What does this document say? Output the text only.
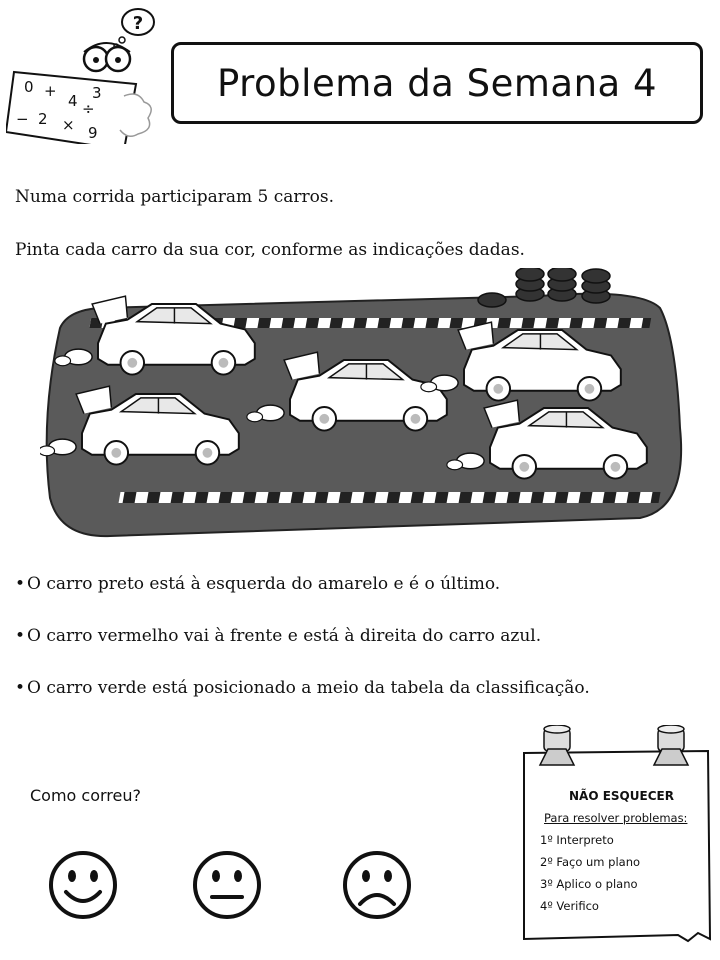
?
0 +
4 3
÷
− 2 × 9
Problema da Semana 4
Numa corrida participaram 5 carros.
Pinta cada carro da sua cor, conforme as indicações dadas.
• O carro preto está à esquerda do amarelo e é o último.
• O carro vermelho vai à frente e está à direita do carro azul.
• O carro verde está posicionado a meio da tabela da classificação.
Como correu?	NÃO ESQUECER
Para resolver problemas:
1º Interpreto
2º Faço um plano
3º Aplico o plano
4º Verifico
